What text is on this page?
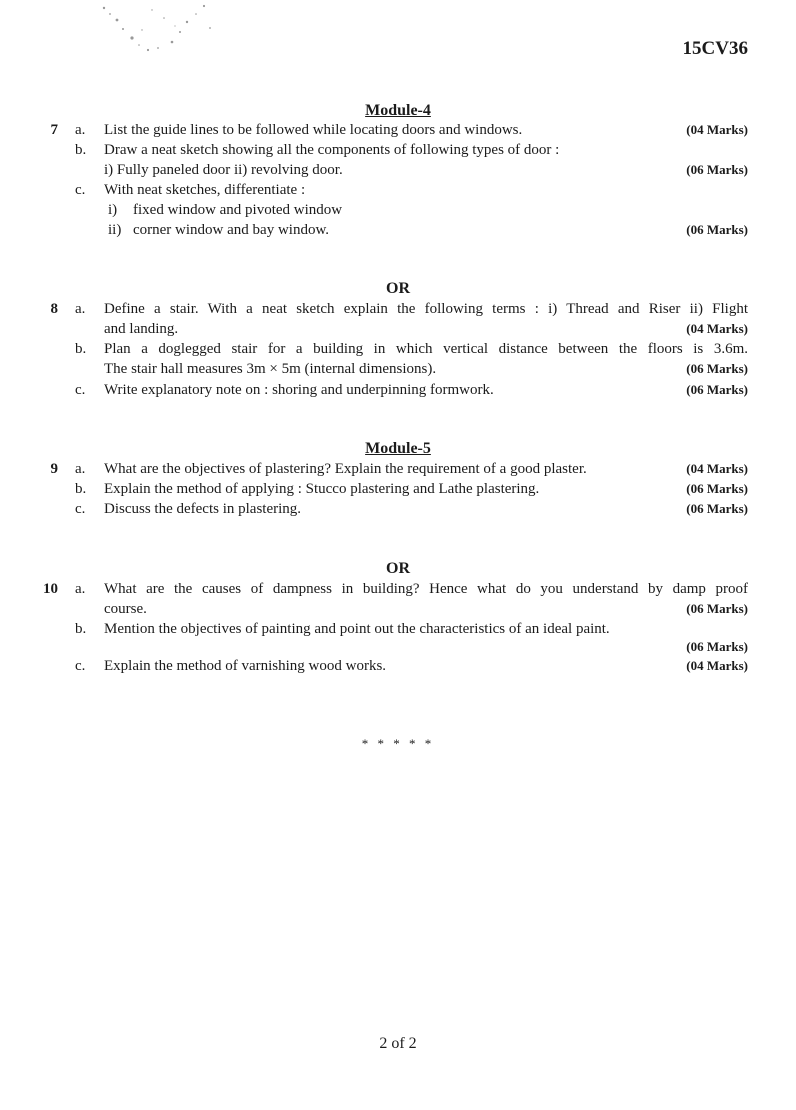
15CV36
Module-4
7 a. List the guide lines to be followed while locating doors and windows.	(04 Marks)
b. Draw a neat sketch showing all the components of following types of door :
i) Fully paneled door ii) revolving door.	(06 Marks)
c. With neat sketches, differentiate :
i) fixed window and pivoted window
ii) corner window and bay window.	(06 Marks)
OR
8 a. Define a stair. With a neat sketch explain the following terms : i) Thread and Riser ii) Flight
and landing.	(04 Marks)
b. Plan a doglegged stair for a building in which vertical distance between the floors is 3.6m.
The stair hall measures 3m × 5m (internal dimensions).	(06 Marks)
c. Write explanatory note on : shoring and underpinning formwork.	(06 Marks)
Module-5
9 a. What are the objectives of plastering? Explain the requirement of a good plaster.	(04 Marks)
b. Explain the method of applying : Stucco plastering and Lathe plastering.	(06 Marks)
c. Discuss the defects in plastering.	(06 Marks)
OR
10 a. What are the causes of dampness in building? Hence what do you understand by damp proof
course.	(06 Marks)
b. Mention the objectives of painting and point out the characteristics of an ideal paint.
(06 Marks)
c. Explain the method of varnishing wood works.	(04 Marks)
* * * * *
2 of 2
